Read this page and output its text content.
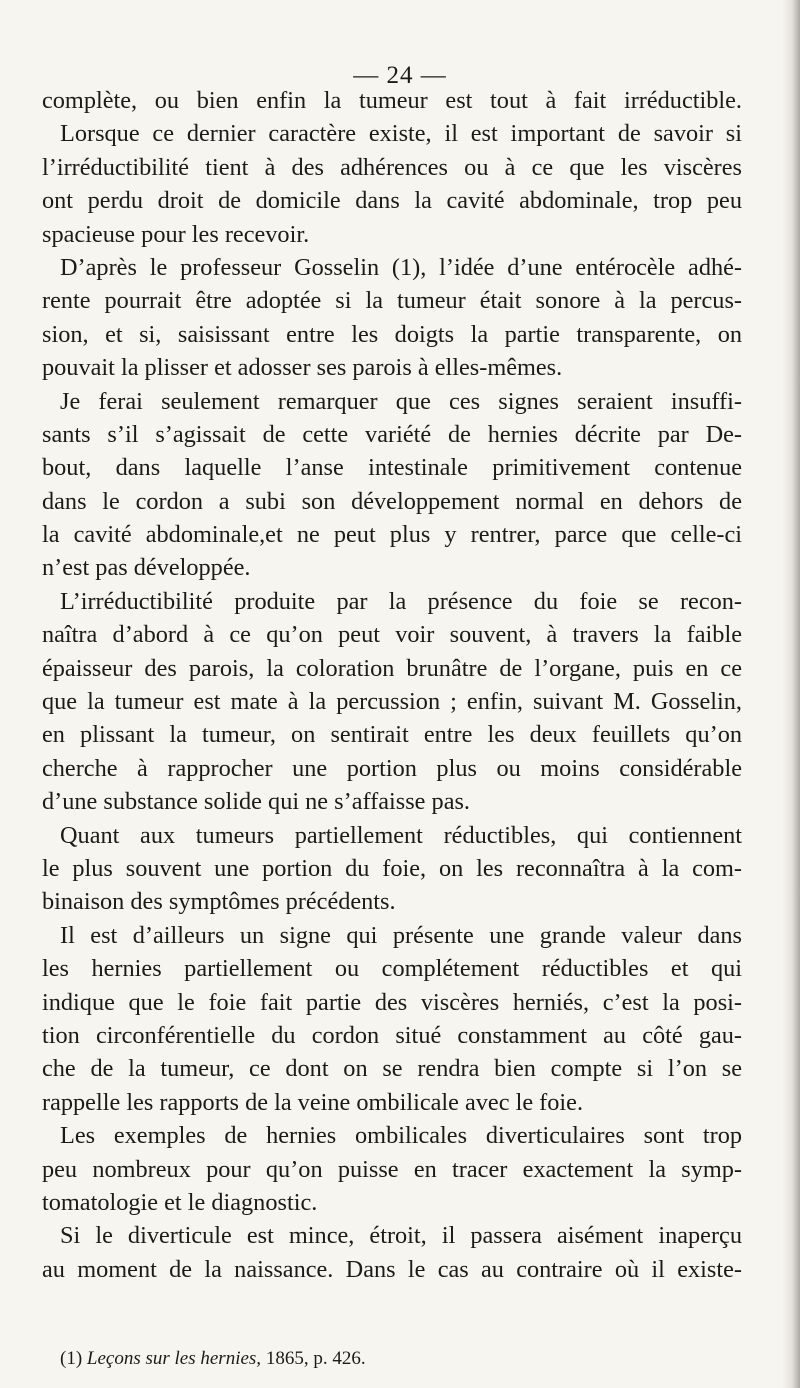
— 24 —
complète, ou bien enfin la tumeur est tout à fait irréductible.
Lorsque ce dernier caractère existe, il est important de savoir si
l’irréductibilité tient à des adhérences ou à ce que les viscères
ont perdu droit de domicile dans la cavité abdominale, trop peu
spacieuse pour les recevoir.
D’après le professeur Gosselin (1), l’idée d’une entérocèle adhé-
rente pourrait être adoptée si la tumeur était sonore à la percus-
sion, et si, saisissant entre les doigts la partie transparente, on
pouvait la plisser et adosser ses parois à elles-mêmes.
Je ferai seulement remarquer que ces signes seraient insuffi-
sants s’il s’agissait de cette variété de hernies décrite par De-
bout, dans laquelle l’anse intestinale primitivement contenue
dans le cordon a subi son développement normal en dehors de
la cavité abdominale,et ne peut plus y rentrer, parce que celle-ci
n’est pas développée.
L’irréductibilité produite par la présence du foie se recon-
naîtra d’abord à ce qu’on peut voir souvent, à travers la faible
épaisseur des parois, la coloration brunâtre de l’organe, puis en ce
que la tumeur est mate à la percussion ; enfin, suivant M. Gosselin,
en plissant la tumeur, on sentirait entre les deux feuillets qu’on
cherche à rapprocher une portion plus ou moins considérable
d’une substance solide qui ne s’affaisse pas.
Quant aux tumeurs partiellement réductibles, qui contiennent
le plus souvent une portion du foie, on les reconnaîtra à la com-
binaison des symptômes précédents.
Il est d’ailleurs un signe qui présente une grande valeur dans
les hernies partiellement ou complétement réductibles et qui
indique que le foie fait partie des viscères herniés, c’est la posi-
tion circonférentielle du cordon situé constamment au côté gau-
che de la tumeur, ce dont on se rendra bien compte si l’on se
rappelle les rapports de la veine ombilicale avec le foie.
Les exemples de hernies ombilicales diverticulaires sont trop
peu nombreux pour qu’on puisse en tracer exactement la symp-
tomatologie et le diagnostic.
Si le diverticule est mince, étroit, il passera aisément inaperçu
au moment de la naissance. Dans le cas au contraire où il existe-
(1) Leçons sur les hernies, 1865, p. 426.
